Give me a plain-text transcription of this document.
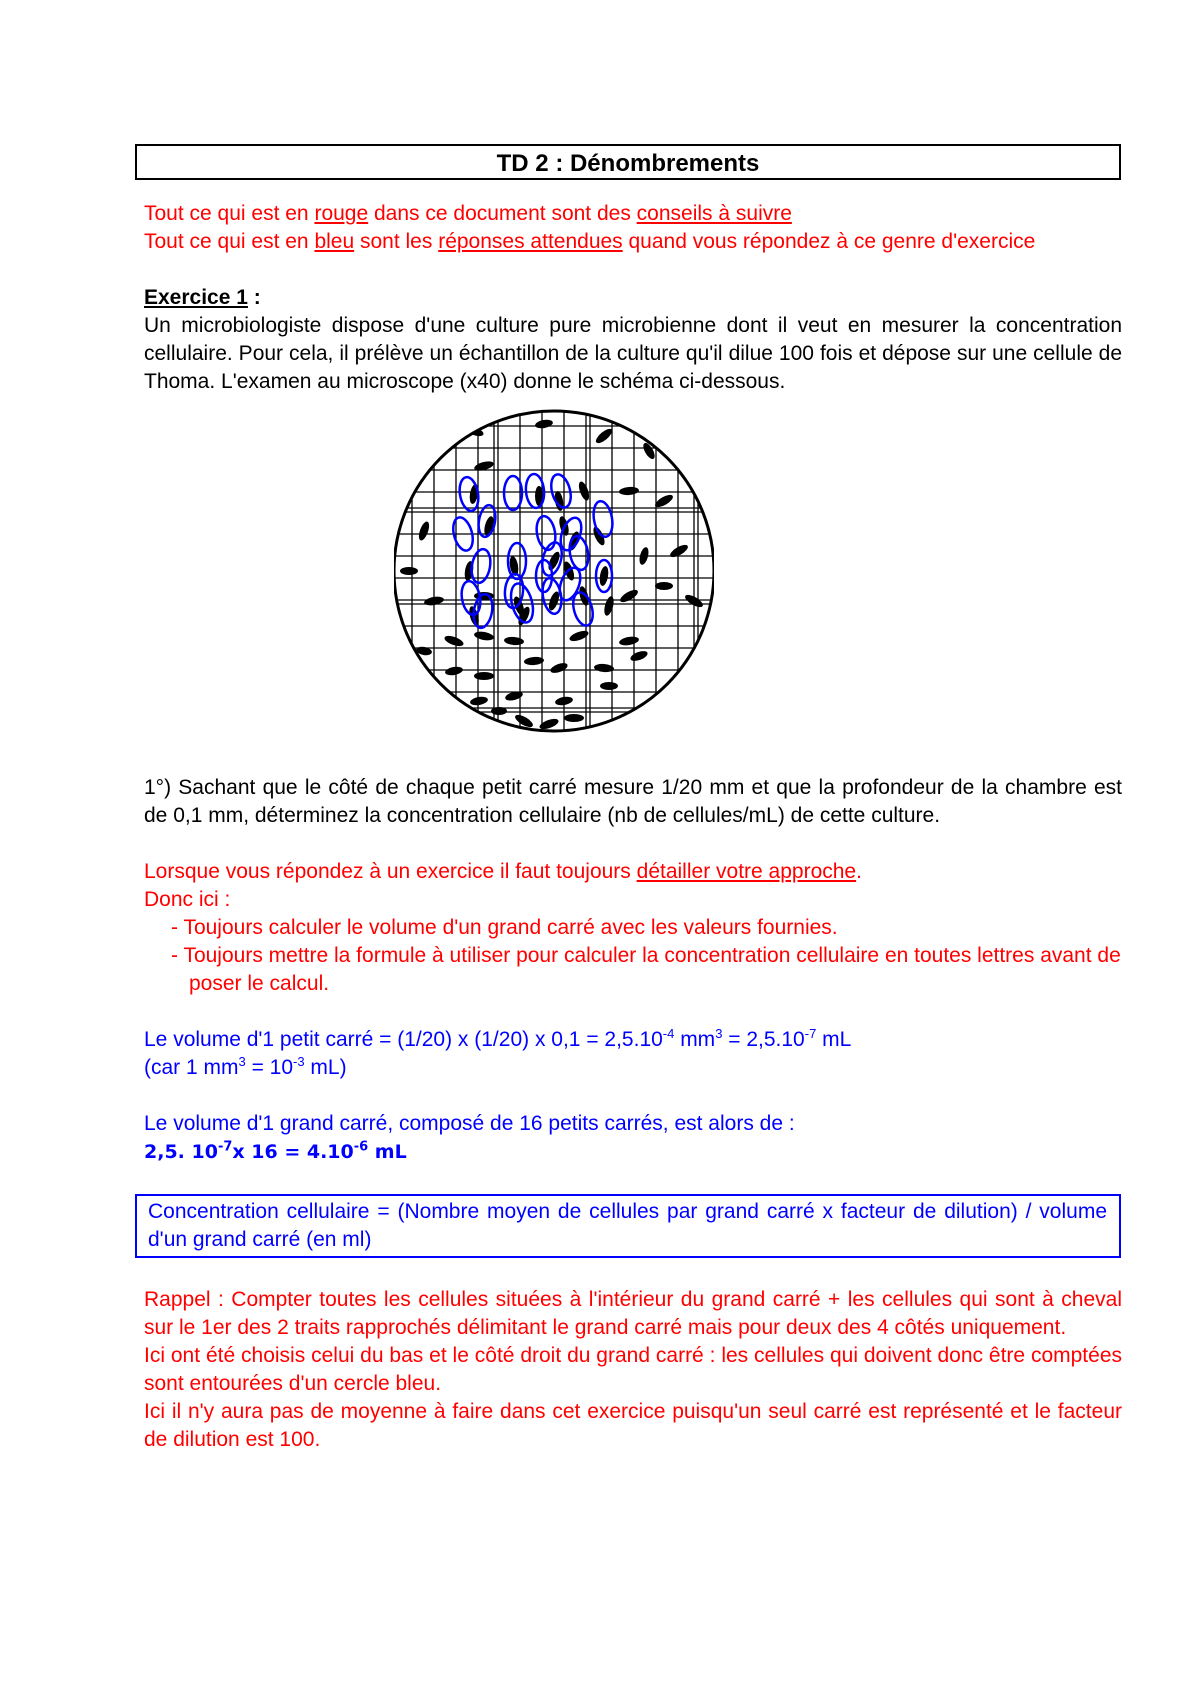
TD 2 : Dénombrements

Tout ce qui est en rouge dans ce document sont des conseils à suivre

Tout ce qui est en bleu sont les réponses attendues quand vous répondez à ce genre d'exercice

Exercice 1 :

Un microbiologiste dispose d'une culture pure microbienne dont il veut en mesurer la concentration cellulaire. Pour cela, il prélève un échantillon de la culture qu'il dilue 100 fois et dépose sur une cellule de Thoma. L'examen au microscope (x40) donne le schéma ci-dessous.

1°) Sachant que le côté de chaque petit carré mesure 1/20 mm et que la profondeur de la chambre est de 0,1 mm, déterminez la concentration cellulaire (nb de cellules/mL) de cette culture.

Lorsque vous répondez à un exercice il faut toujours détailler votre approche.

Donc ici :

- Toujours calculer le volume d'un grand carré avec les valeurs fournies.

- Toujours mettre la formule à utiliser pour calculer la concentration cellulaire en toutes lettres avant de poser le calcul.

Le volume d'1 petit carré = (1/20) x (1/20) x $0,1 = 2,5.10^{-4}$ $mm^3 = 2,5.10^{-7}$ mL

(car 1 $mm^3 = 10^{-3}$ mL)

Le volume d'1 grand carré, composé de 16 petits carrés, est alors de :

2,5. $10^{-7}x$ $16 = 4.10^{-6}$ mL

Concentration cellulaire = (Nombre moyen de cellules par grand carré x facteur de dilution) / volume d'un grand carré (en ml)

Rappel : Compter toutes les cellules situées à l'intérieur du grand carré + les cellules qui sont à cheval sur le 1er des 2 traits rapprochés délimitant le grand carré mais pour deux des 4 côtés uniquement.

Ici ont été choisis celui du bas et le côté droit du grand carré : les cellules qui doivent donc être comptées sont entourées d'un cercle bleu.

Ici il n'y aura pas de moyenne à faire dans cet exercice puisqu'un seul carré est représenté et le facteur de dilution est 100.
